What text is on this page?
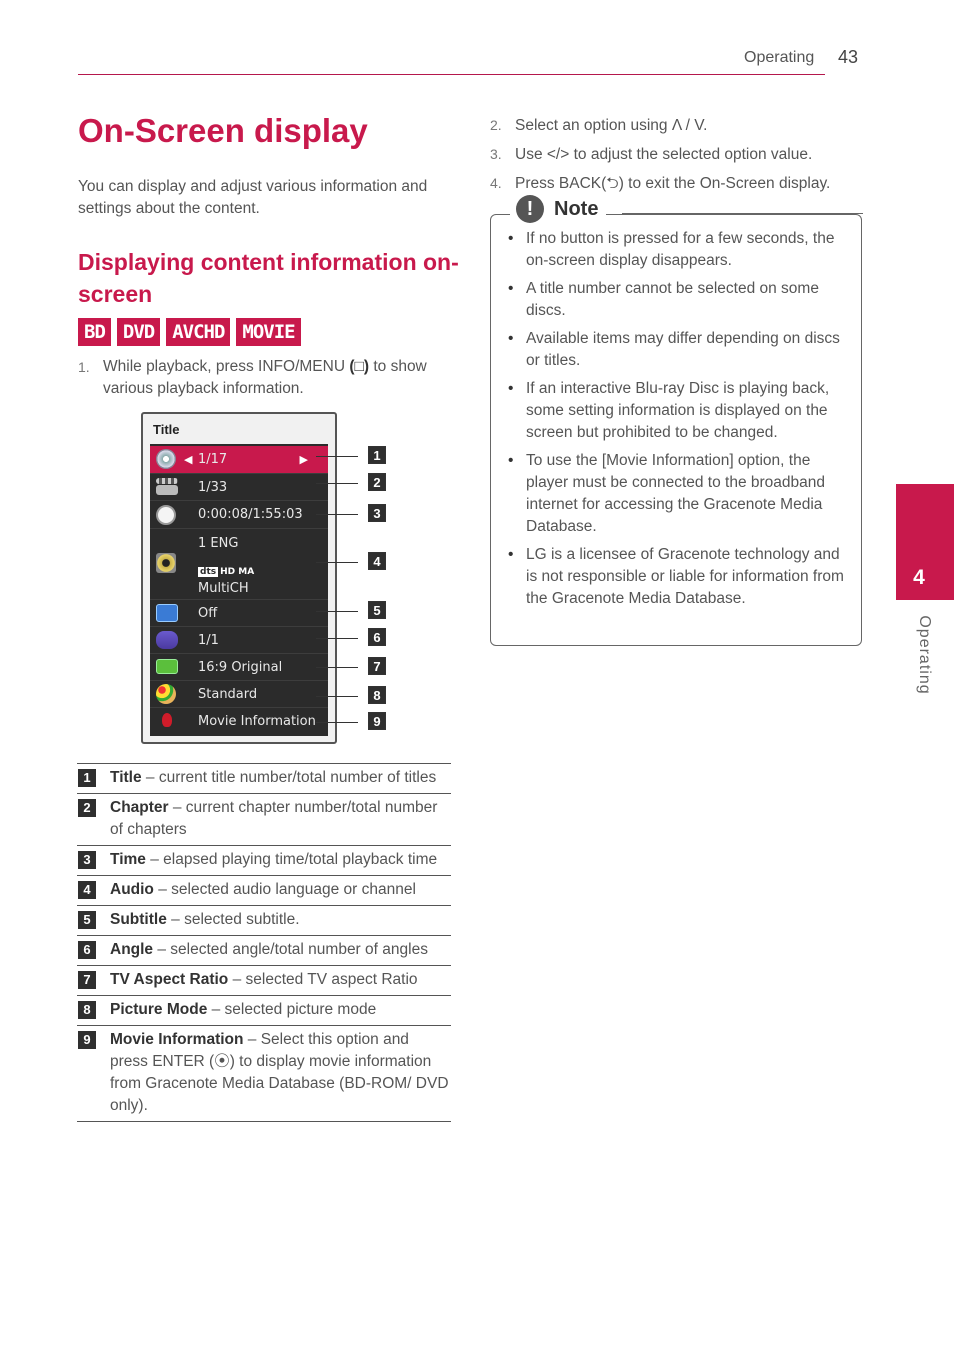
Operating 43
On-Screen display
You can display and adjust various information and settings about the content.
Displaying content information on-screen
BD DVD AVCHD MOVIE
1. While playback, press INFO/MENU (□) to show various playback information.
Title
◀ 1/17	▶
1/33
0:00:08/1:55:03
1 ENG
dts HD MA
MultiCH
Off
1/1
16:9 Original
Standard
Movie Information
1
2
3
4
5
6
7
8
9
1	Title – current title number/total number of titles
2	Chapter – current chapter number/total number of chapters
3	Time – elapsed playing time/total playback time
4	Audio – selected audio language or channel
5	Subtitle – selected subtitle.
6	Angle – selected angle/total number of angles
7	TV Aspect Ratio – selected TV aspect Ratio
8	Picture Mode – selected picture mode
9	Movie Information – Select this option and press ENTER (⦿) to display movie information from Gracenote Media Database (BD-ROM/ DVD only).
2. Select an option using Λ / V.
3. Use </> to adjust the selected option value.
4. Press BACK(⮌) to exit the On-Screen display.
!	Note
• If no button is pressed for a few seconds, the on-screen display disappears.
• A title number cannot be selected on some discs.
• Available items may differ depending on discs or titles.
• If an interactive Blu-ray Disc is playing back, some setting information is displayed on the screen but prohibited to be changed.
• To use the [Movie Information] option, the player must be connected to the broadband internet for accessing the Gracenote Media Database.
• LG is a licensee of Gracenote technology and is not responsible or liable for information from the Gracenote Media Database.
4
Operating
